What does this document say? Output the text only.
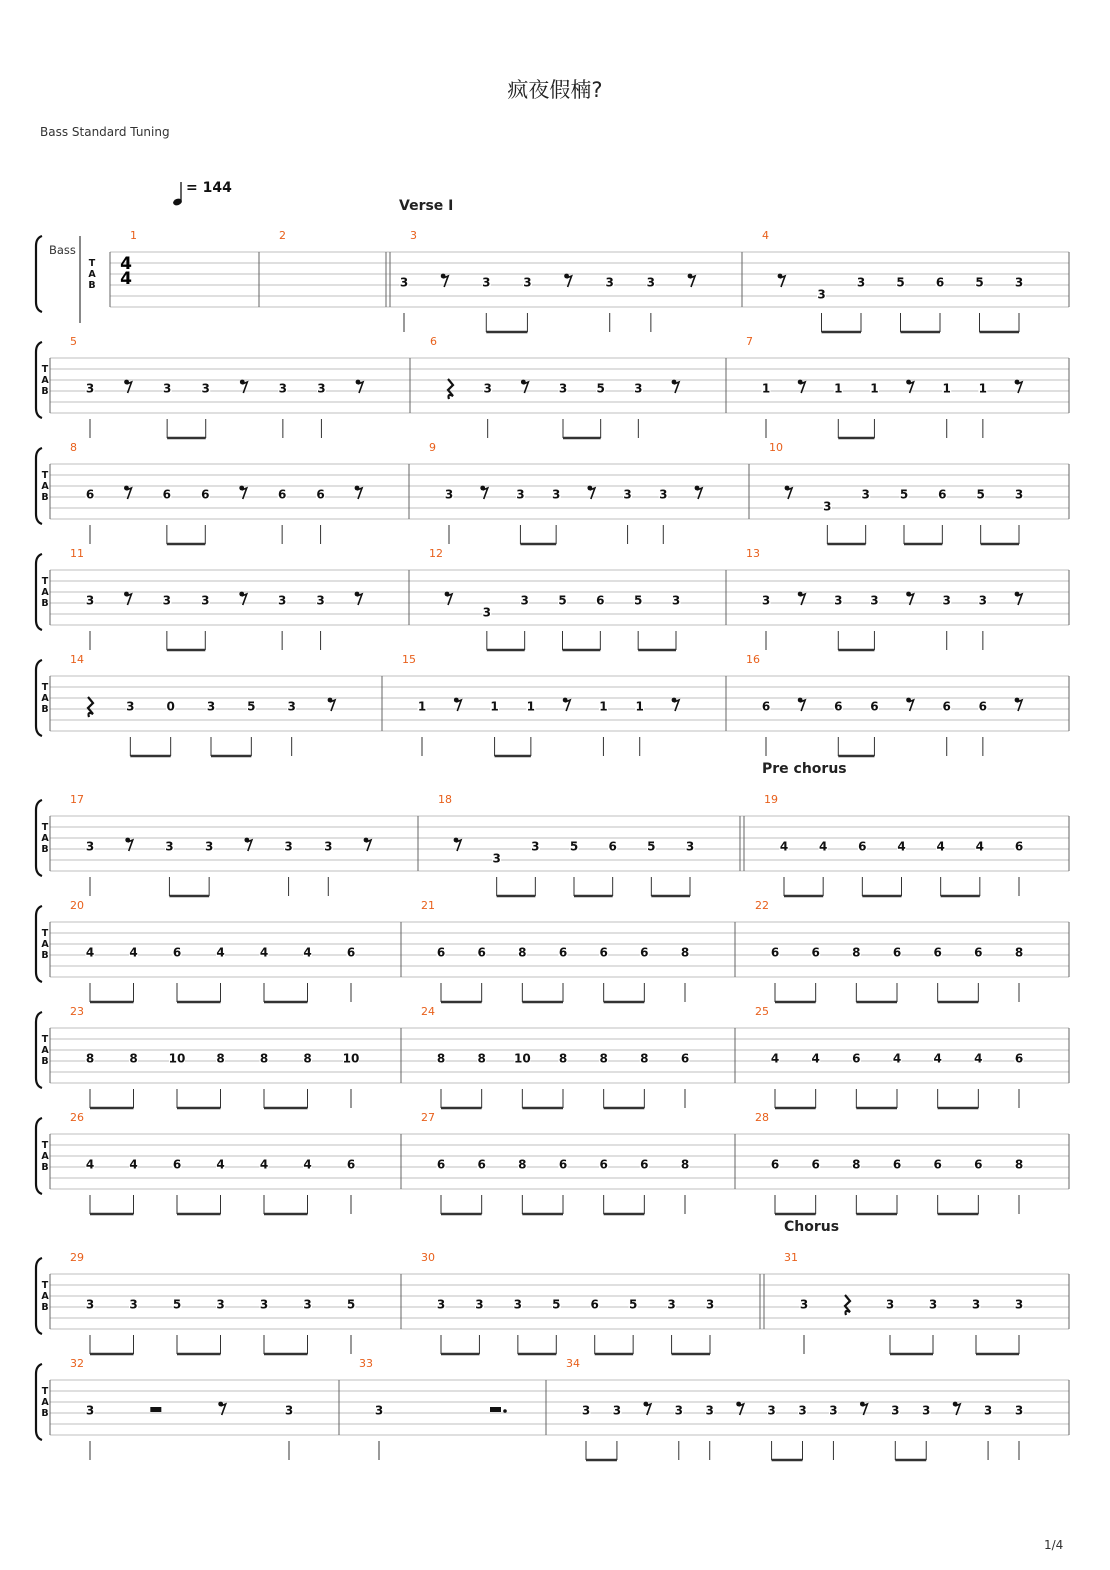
疯夜假楠?
Bass Standard Tuning
Bass
= 144
Verse I
Pre chorus
Chorus
T
A
B
4
4
1	2	3
3	3	3	3	3
4
3
3	5	6	5	3
T
A
B
5
3	3	3	3	3
6
3	3 5 3
7
1	1 1	1 1
T
A
B
8
6	6	6	6	6
9
3	3 3	3 3
10
3
3 5 6 5 3
T
A
B
11
3	3	3	3	3
12
3
3 5 6 5 3
13
3	3 3	3 3
T
A
B
14
3	0	3	5	3
15
1	1 1	1 1
16
6	6 6	6 6
T
A
B
17
3	3	3	3	3
18
3
3	5	6	5	3
19
4	4	6	4	4	4	6
T
A
B
20
4	4	6	4	4	4	6
21
6	6	8	6	6	6	8
22
6	6	8	6	6	6	8
T
A
B
23
8	8	10	8	8	8	10
24
8	8 10 8	8	8	6
25
4	4	6	4	4	4	6
T
A
B
26
4	4	6	4	4	4	6
27
6	6	8	6	6	6	8
28
6	6	8	6	6	6	8
T
A
B
29
3	3	5	3	3	3	5
30
3	3	3	5	6	5	3	3
31
3	3	3	3	3
T
A
B
32
3	3
33
3
34
3 3	3 3	3 3 3	3 3	3 3
1/4
